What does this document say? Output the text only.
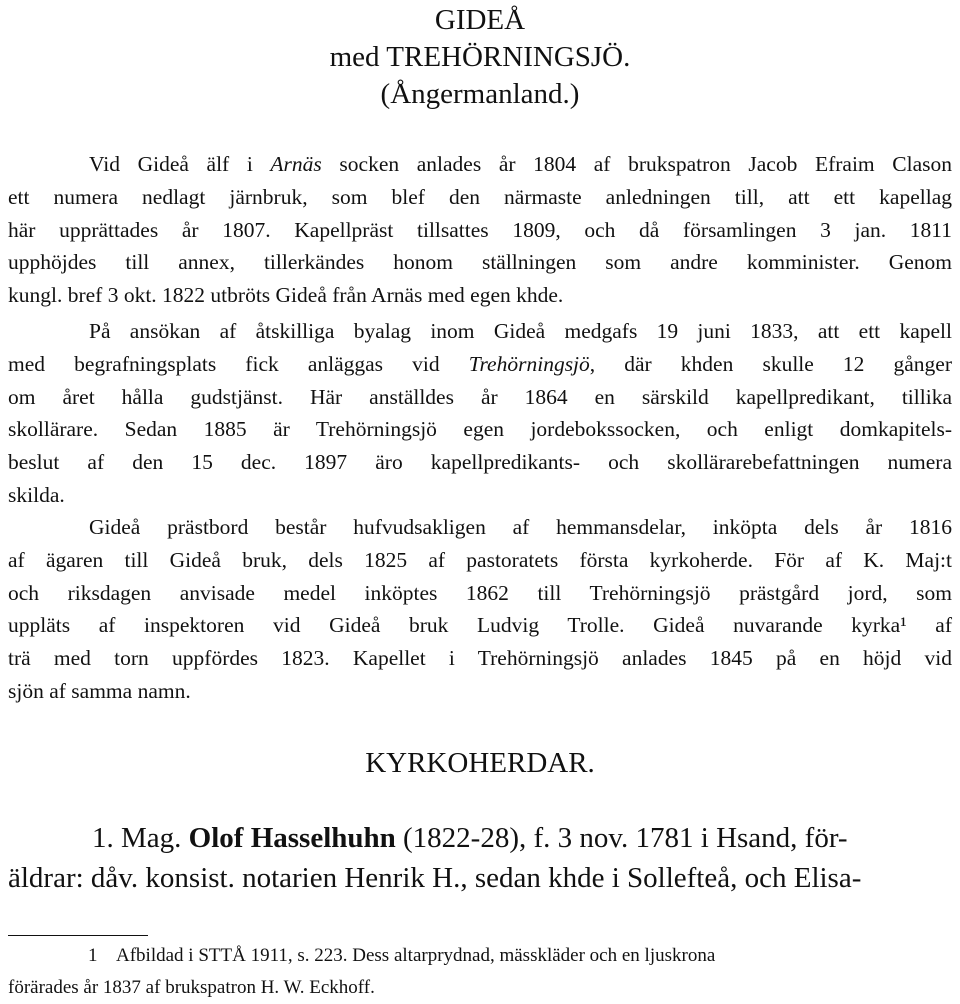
GIDEÅ
med TREHÖRNINGSJÖ.
(Ångermanland.)
Vid Gideå älf i Arnäs socken anlades år 1804 af brukspatron Jacob Efraim Clason
ett numera nedlagt järnbruk, som blef den närmaste anledningen till, att ett kapellag
här upprättades år 1807. Kapellpräst tillsattes 1809, och då församlingen 3 jan. 1811
upphöjdes till annex, tillerkändes honom ställningen som andre komminister. Genom
kungl. bref 3 okt. 1822 utbröts Gideå från Arnäs med egen khde.
På ansökan af åtskilliga byalag inom Gideå medgafs 19 juni 1833, att ett kapell
med begrafningsplats fick anläggas vid Trehörningsjö, där khden skulle 12 gånger
om året hålla gudstjänst. Här anställdes år 1864 en särskild kapellpredikant, tillika
skollärare. Sedan 1885 är Trehörningsjö egen jordebokssocken, och enligt domkapitels-
beslut af den 15 dec. 1897 äro kapellpredikants- och skollärarebefattningen numera
skilda.
Gideå prästbord består hufvudsakligen af hemmansdelar, inköpta dels år 1816
af ägaren till Gideå bruk, dels 1825 af pastoratets första kyrkoherde. För af K. Maj:t
och riksdagen anvisade medel inköptes 1862 till Trehörningsjö prästgård jord, som
uppläts af inspektoren vid Gideå bruk Ludvig Trolle. Gideå nuvarande kyrka¹ af
trä med torn uppfördes 1823. Kapellet i Trehörningsjö anlades 1845 på en höjd vid
sjön af samma namn.
KYRKOHERDAR.
1. Mag. Olof Hasselhuhn (1822-28), f. 3 nov. 1781 i Hsand, för-
äldrar: dåv. konsist. notarien Henrik H., sedan khde i Sollefteå, och Elisa-
1 Afbildad i STTÅ 1911, s. 223. Dess altarprydnad, mässkläder och en ljuskrona
förärades år 1837 af brukspatron H. W. Eckhoff.
